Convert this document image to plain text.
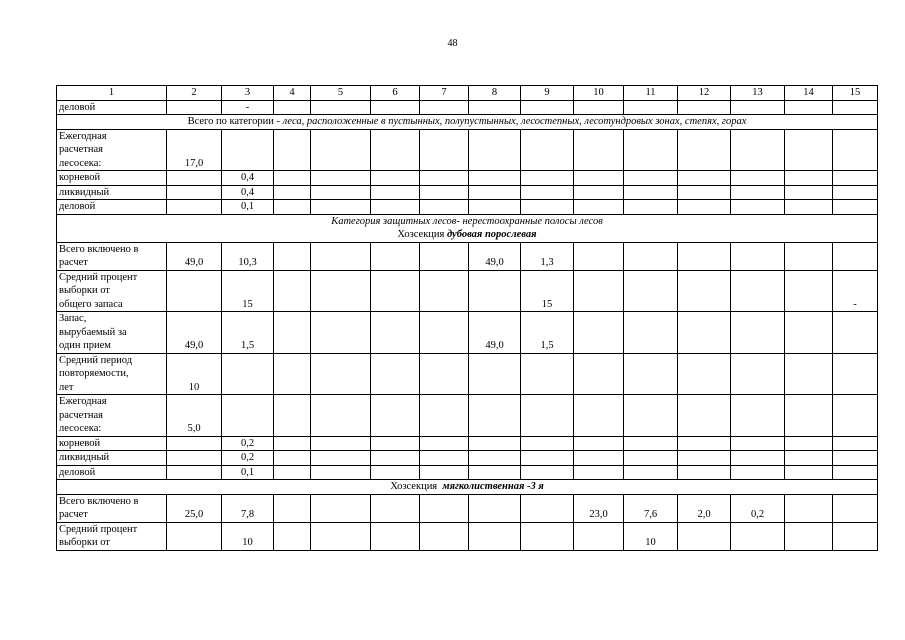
48
1	2	3	4	5	6	7	8	9	10	11	12	13	14	15
деловой		-												
Всего по категории - леса, расположенные в пустынных, полупустынных, лесостепных, лесотундровых зонах, степях, горах														
Ежегодная
расчетная
лесосека:	17,0													
корневой		0,4												
ликвидный		0,4												
деловой		0,1												

Категория защитных лесов- нерестоохранные полосы лесов
Хозсекция дубовая порослевая														

Всего включено в
расчет	49,0	10,3					49,0	1,3						
Средний процент
выборки от
общего запаса		15						15						-
Запас,
вырубаемый за
один прием	49,0	1,5					49,0	1,5						
Средний период
повторяемости,
лет	10													
Ежегодная
расчетная
лесосека:	5,0													
корневой		0,2												
ликвидный		0,2												
деловой		0,1												
Хозсекция  мягколиственная -3 я														
Всего включено в
расчет	25,0	7,8							23,0	7,6	2,0	0,2		
Средний процент
выборки от		10								10				
